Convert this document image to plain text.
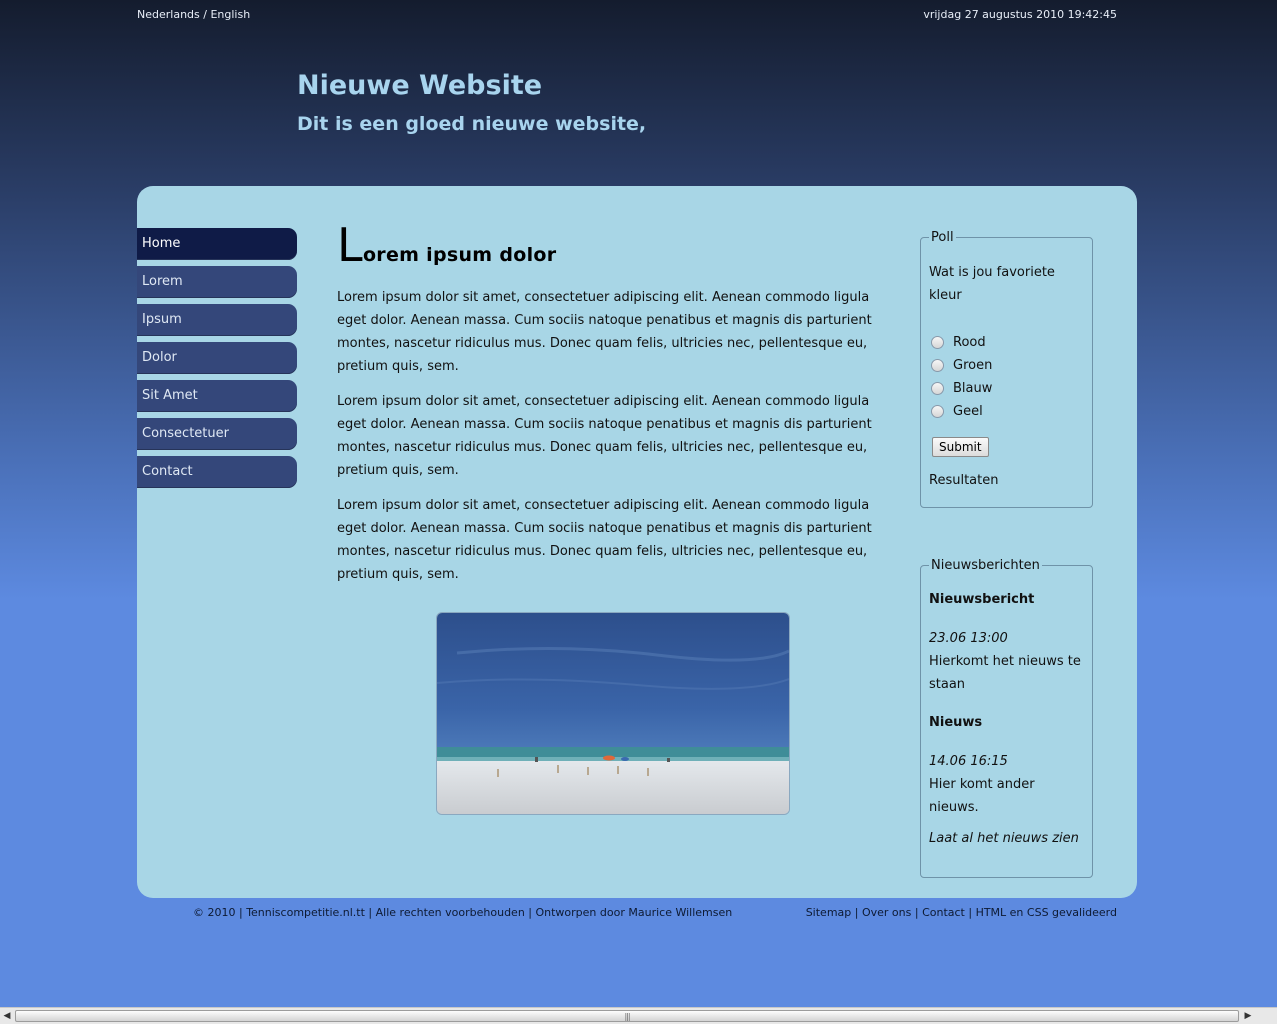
Nederlands / English	vrijdag 27 augustus 2010 19:42:45
Nieuwe Website
Dit is een gloed nieuwe website,
Home
Lorem
Ipsum
Dolor
Sit Amet
Consectetuer
Contact
Lorem ipsum dolor

Lorem ipsum dolor sit amet, consectetuer adipiscing elit. Aenean commodo ligula eget dolor. Aenean massa. Cum sociis natoque penatibus et magnis dis parturient montes, nascetur ridiculus mus. Donec quam felis, ultricies nec, pellentesque eu, pretium quis, sem.

Lorem ipsum dolor sit amet, consectetuer adipiscing elit. Aenean commodo ligula eget dolor. Aenean massa. Cum sociis natoque penatibus et magnis dis parturient montes, nascetur ridiculus mus. Donec quam felis, ultricies nec, pellentesque eu, pretium quis, sem.

Lorem ipsum dolor sit amet, consectetuer adipiscing elit. Aenean commodo ligula eget dolor. Aenean massa. Cum sociis natoque penatibus et magnis dis parturient montes, nascetur ridiculus mus. Donec quam felis, ultricies nec, pellentesque eu, pretium quis, sem.

Poll
Wat is jou favoriete kleur
Rood
Groen
Blauw
Geel
Submit
Resultaten
Nieuwsberichten
Nieuwsbericht
23.06 13:00
Hierkomt het nieuws te staan
Nieuws
14.06 16:15
Hier komt ander nieuws.
Laat al het nieuws zien
© 2010 | Tenniscompetitie.nl.tt | Alle rechten voorbehouden | Ontworpen door Maurice Willemsen	Sitemap | Over ons | Contact | HTML en CSS gevalideerd
◀	|||	▶
